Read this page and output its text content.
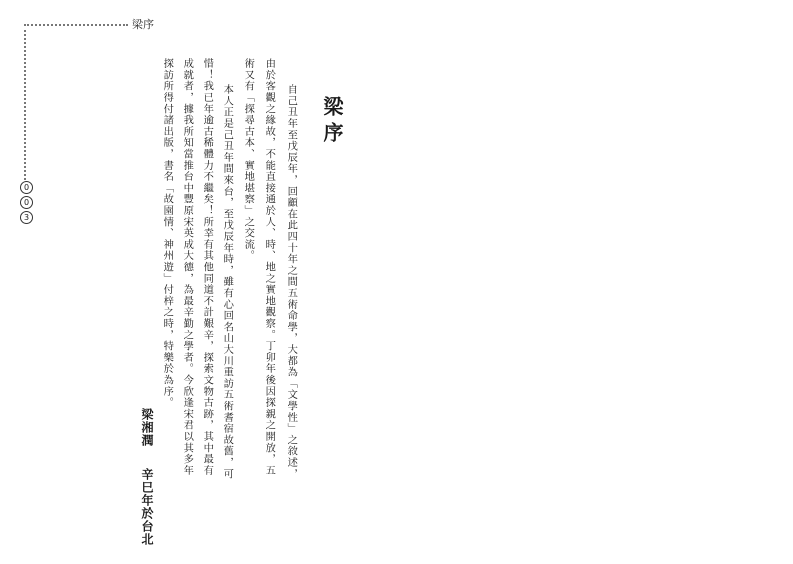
梁序
0
0
3
梁序
自己丑年至戊辰年，回顧在此四十年之間五術命學，大都為「文學性」之敘述，
由於客觀之緣故，不能直接通於人、時、地之實地觀察。丁卯年後因探親之開放，五
術又有「探尋古本、實地堪察」之交流。
本人正是己丑年間來台，至戊辰年時，雖有心回名山大川重訪五術耆宿故舊，可
惜！我已年逾古稀體力不繼矣！所幸有其他同道不計艱辛，探索文物古跡，其中最有
成就者，據我所知當推台中豐原宋英成大德，為最辛勤之學者。今欣逢宋君以其多年
探訪所得付諸出版，書名「故園情、神州遊」付梓之時，特樂於為序。
梁湘潤
辛巳年於台北
